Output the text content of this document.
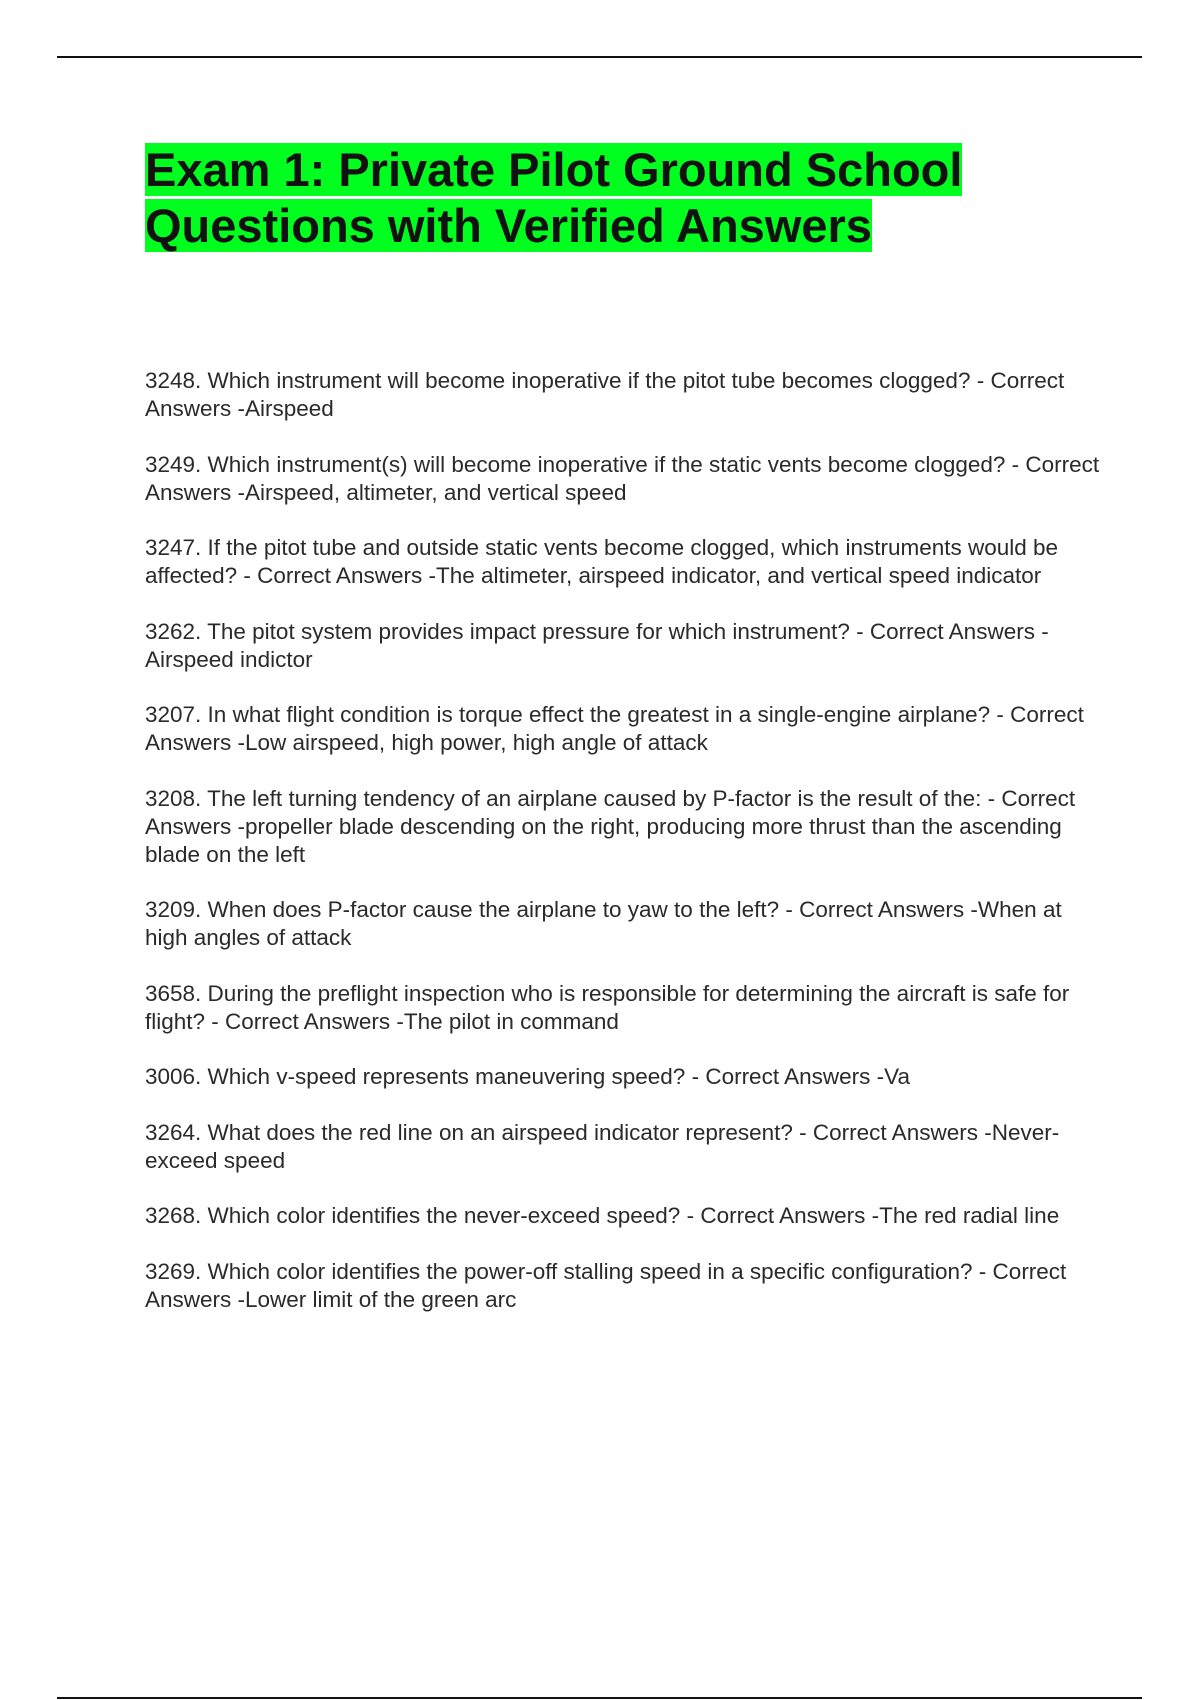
Exam 1: Private Pilot Ground School Questions with Verified Answers
3248. Which instrument will become inoperative if the pitot tube becomes clogged? - Correct Answers -Airspeed
3249. Which instrument(s) will become inoperative if the static vents become clogged? - Correct Answers -Airspeed, altimeter, and vertical speed
3247. If the pitot tube and outside static vents become clogged, which instruments would be affected? - Correct Answers -The altimeter, airspeed indicator, and vertical speed indicator
3262. The pitot system provides impact pressure for which instrument? - Correct Answers -Airspeed indictor
3207. In what flight condition is torque effect the greatest in a single-engine airplane? - Correct Answers -Low airspeed, high power, high angle of attack
3208. The left turning tendency of an airplane caused by P-factor is the result of the: - Correct Answers -propeller blade descending on the right, producing more thrust than the ascending blade on the left
3209. When does P-factor cause the airplane to yaw to the left? - Correct Answers -When at high angles of attack
3658. During the preflight inspection who is responsible for determining the aircraft is safe for flight? - Correct Answers -The pilot in command
3006. Which v-speed represents maneuvering speed? - Correct Answers -Va
3264. What does the red line on an airspeed indicator represent? - Correct Answers -Never-exceed speed
3268. Which color identifies the never-exceed speed? - Correct Answers -The red radial line
3269. Which color identifies the power-off stalling speed in a specific configuration? - Correct Answers -Lower limit of the green arc
